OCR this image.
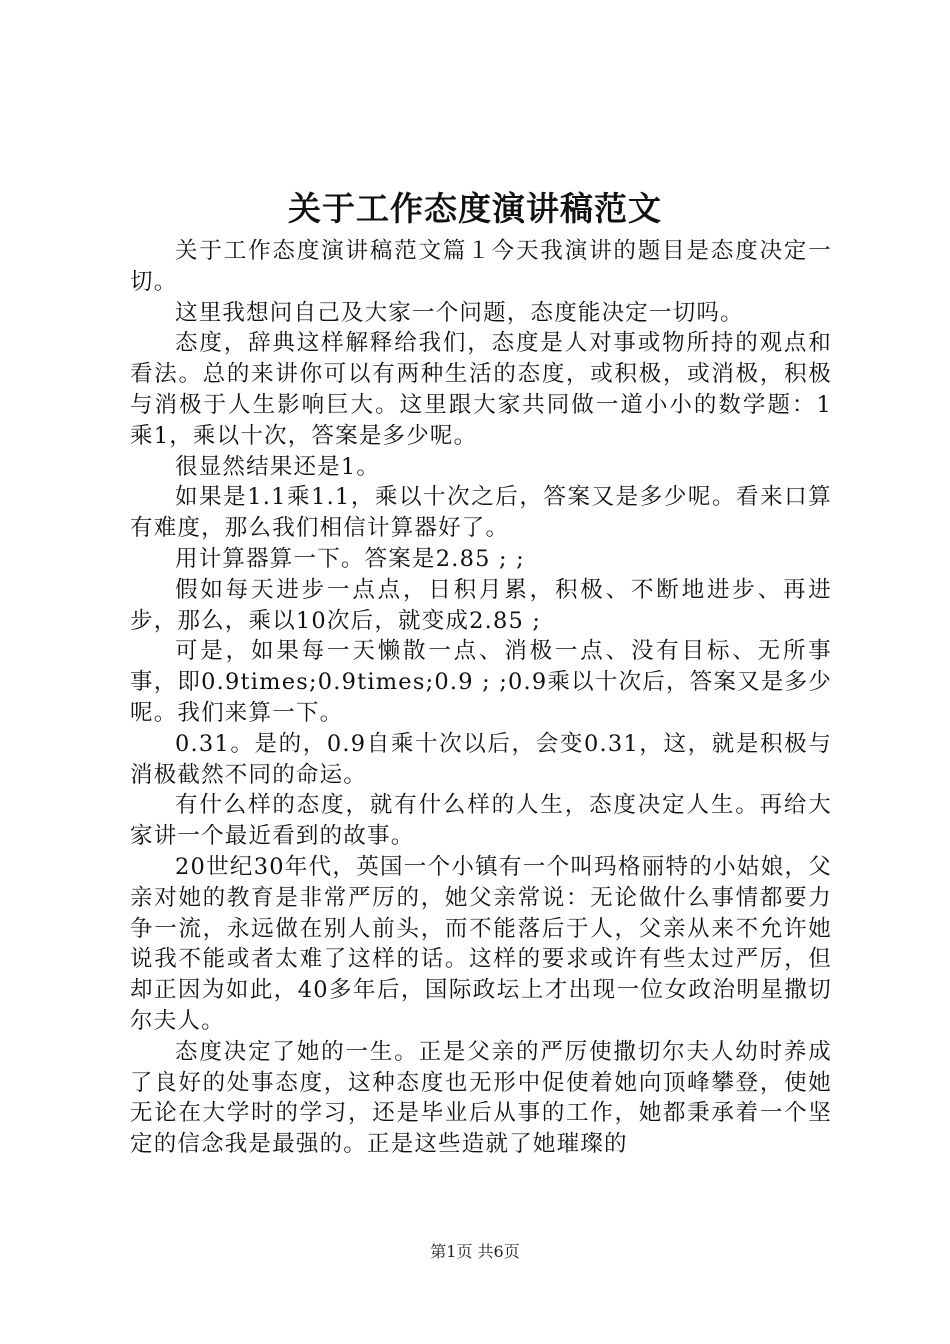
关于工作态度演讲稿范文

关于工作态度演讲稿范文篇１今天我演讲的题目是态度决定一切。

这里我想问自己及大家一个问题，态度能决定一切吗。

态度，辞典这样解释给我们，态度是人对事或物所持的观点和看法。总的来讲你可以有两种生活的态度，或积极，或消极，积极与消极于人生影响巨大。这里跟大家共同做一道小小的数学题：1乘1，乘以十次，答案是多少呢。

很显然结果还是1。

如果是1.1乘1.1，乘以十次之后，答案又是多少呢。看来口算有难度，那么我们相信计算器好了。

用计算器算一下。答案是2.85 ; ;

假如每天进步一点点，日积月累，积极、不断地进步、再进步，那么，乘以10次后，就变成2.85 ;

可是，如果每一天懒散一点、消极一点、没有目标、无所事事，即0.9times;0.9times;0.9 ; ;0.9乘以十次后，答案又是多少呢。我们来算一下。

0.31。是的，0.9自乘十次以后，会变0.31，这，就是积极与消极截然不同的命运。

有什么样的态度，就有什么样的人生，态度决定人生。再给大家讲一个最近看到的故事。

20世纪30年代，英国一个小镇有一个叫玛格丽特的小姑娘，父亲对她的教育是非常严厉的，她父亲常说：无论做什么事情都要力争一流，永远做在别人前头，而不能落后于人，父亲从来不允许她说我不能或者太难了这样的话。这样的要求或许有些太过严厉，但却正因为如此，40多年后，国际政坛上才出现一位女政治明星撒切尔夫人。

态度决定了她的一生。正是父亲的严厉使撒切尔夫人幼时养成了良好的处事态度，这种态度也无形中促使着她向顶峰攀登，使她无论在大学时的学习，还是毕业后从事的工作，她都秉承着一个坚定的信念我是最强的。正是这些造就了她璀璨的

第1页 共6页
